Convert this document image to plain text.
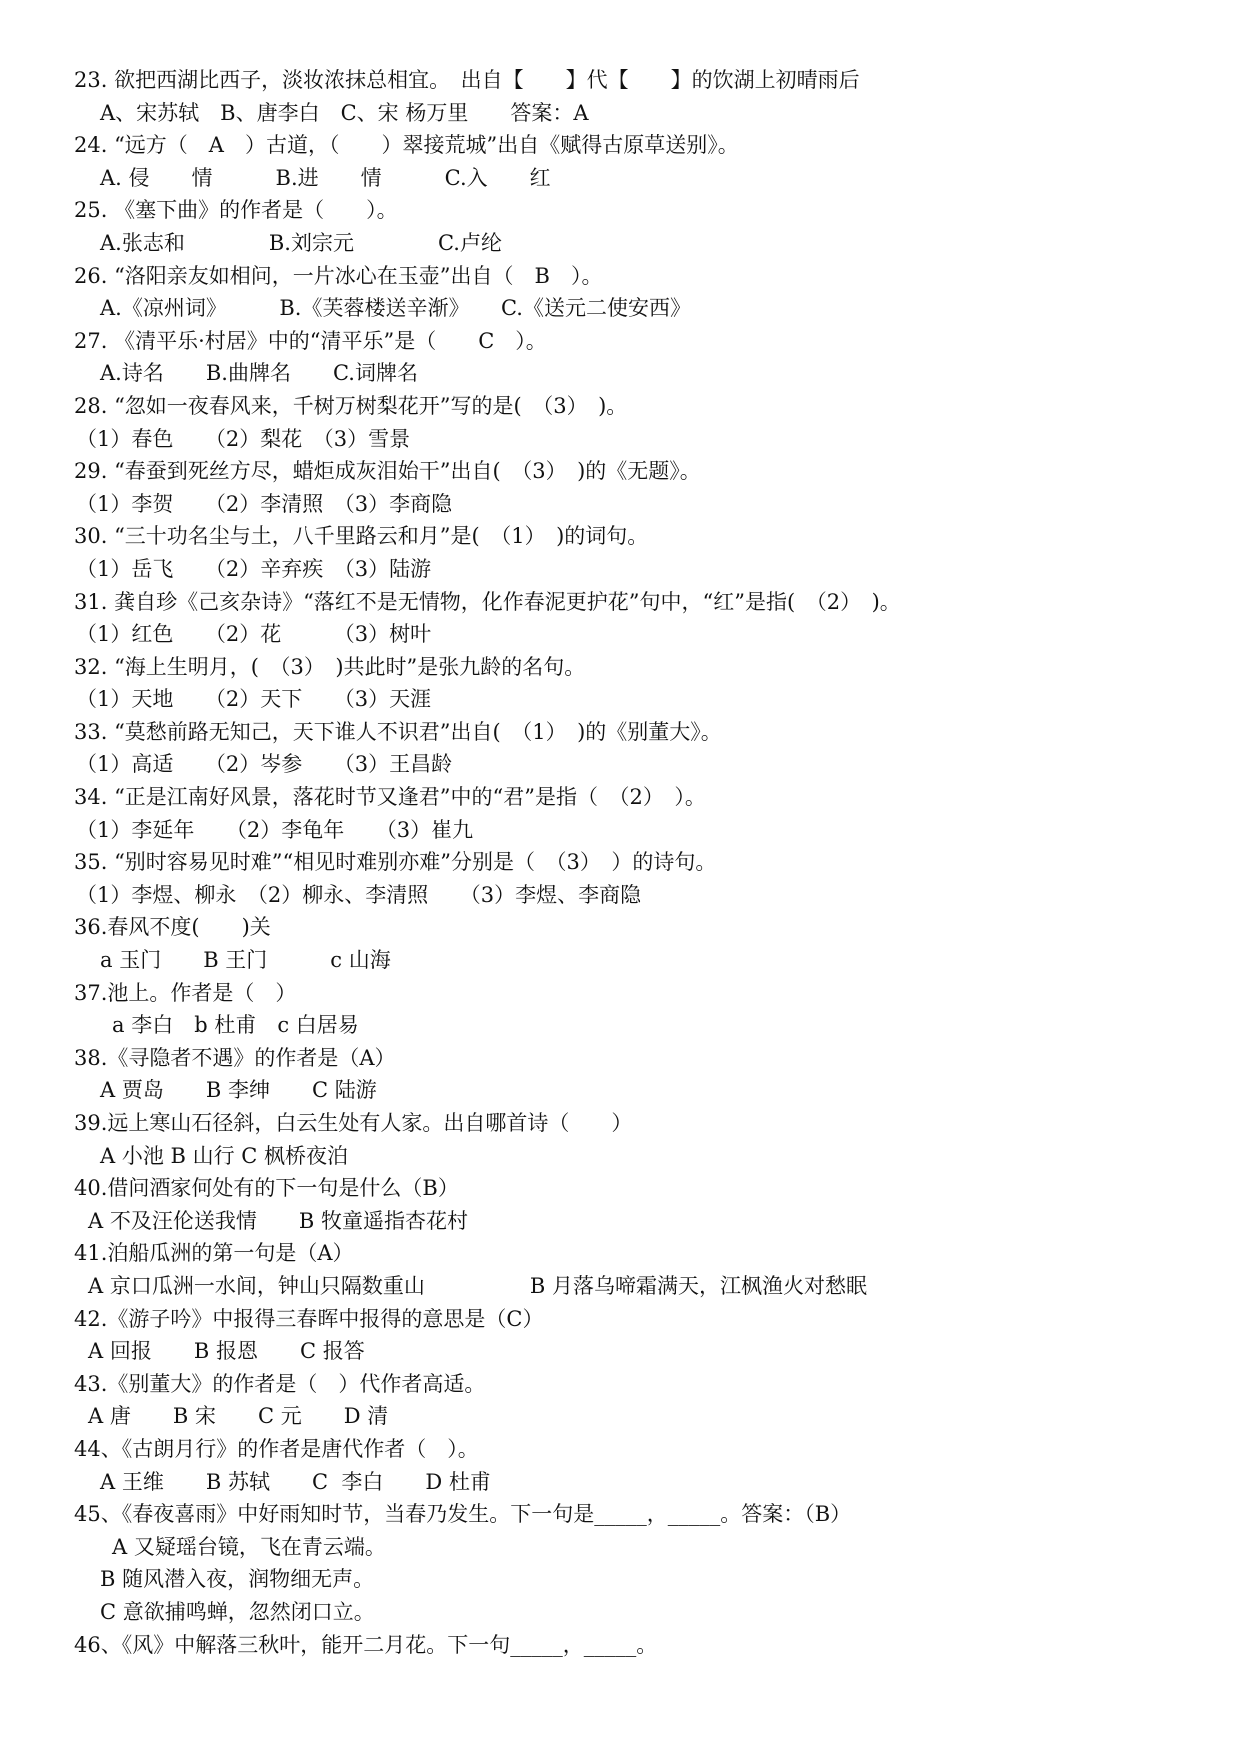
23. 欲把西湖比西子，淡妆浓抹总相宜。　出自【　　】代【　　】的饮湖上初晴雨后
A、宋苏轼　B、唐李白　C、宋 杨万里　　答案：A
24. “远方（　A　）古道，（　　）翠接荒城”出自《赋得古原草送别》。
A. 侵　　情　　　B.进　　情　　　C.入　　红
25. 《塞下曲》的作者是（　　）。
A.张志和　　　　B.刘宗元　　　　C.卢纶
26. “洛阳亲友如相问，一片冰心在玉壶”出自（　B　）。
A.《凉州词》　　　B.《芙蓉楼送辛渐》　　C.《送元二使安西》
27. 《清平乐·村居》中的“清平乐”是（　　C　）。
A.诗名　　B.曲牌名　　C.词牌名
28. “忽如一夜春风来，千树万树梨花开”写的是(　（3）　)。
（1）春色　　（2）梨花　（3）雪景
29. “春蚕到死丝方尽，蜡炬成灰泪始干”出自(　（3）　)的《无题》。
（1）李贺　　（2）李清照　（3）李商隐
30. “三十功名尘与土，八千里路云和月”是(　（1）　)的词句。
（1）岳飞　　（2）辛弃疾　（3）陆游
31. 龚自珍《己亥杂诗》“落红不是无情物，化作春泥更护花”句中，“红”是指(　（2）　)。
（1）红色　　（2）花　　　（3）树叶
32. “海上生明月，(　（3）　)共此时”是张九龄的名句。
（1）天地　　（2）天下　　（3）天涯
33. “莫愁前路无知己，天下谁人不识君”出自(　（1）　)的《别董大》。
（1）高适　　（2）岑参　　（3）王昌龄
34. “正是江南好风景，落花时节又逢君”中的“君”是指（　（2）　）。
（1）李延年　　（2）李龟年　　（3）崔九
35. “别时容易见时难”“相见时难别亦难”分别是（　（3）　）的诗句。
（1）李煜、柳永　（2）柳永、李清照　　（3）李煜、李商隐
36.春风不度(　　)关
a 玉门　　B 王门　　　c 山海
37.池上。作者是（　）
a 李白　b 杜甫　c 白居易
38.《寻隐者不遇》的作者是（A）
A 贾岛　　B 李绅　　C 陆游
39.远上寒山石径斜，白云生处有人家。出自哪首诗（　　）
A 小池 B 山行 C 枫桥夜泊
40.借问酒家何处有的下一句是什么（B）
A 不及汪伦送我情　　B 牧童遥指杏花村
41.泊船瓜洲的第一句是（A）
A 京口瓜洲一水间，钟山只隔数重山　　　　　B 月落乌啼霜满天，江枫渔火对愁眠
42.《游子吟》中报得三春晖中报得的意思是（C）
A 回报　　B 报恩　　C 报答
43.《别董大》的作者是（　）代作者高适。
A 唐　　B 宋　　C 元　　D 清
44、《古朗月行》的作者是唐代作者（　）。
A 王维　　B 苏轼　　C  李白　　D 杜甫
45、《春夜喜雨》中好雨知时节，当春乃发生。下一句是_____，_____。答案：（B）
A 又疑瑶台镜，飞在青云端。
B 随风潜入夜，润物细无声。
C 意欲捕鸣蝉，忽然闭口立。
46、《风》中解落三秋叶，能开二月花。下一句_____，_____。
